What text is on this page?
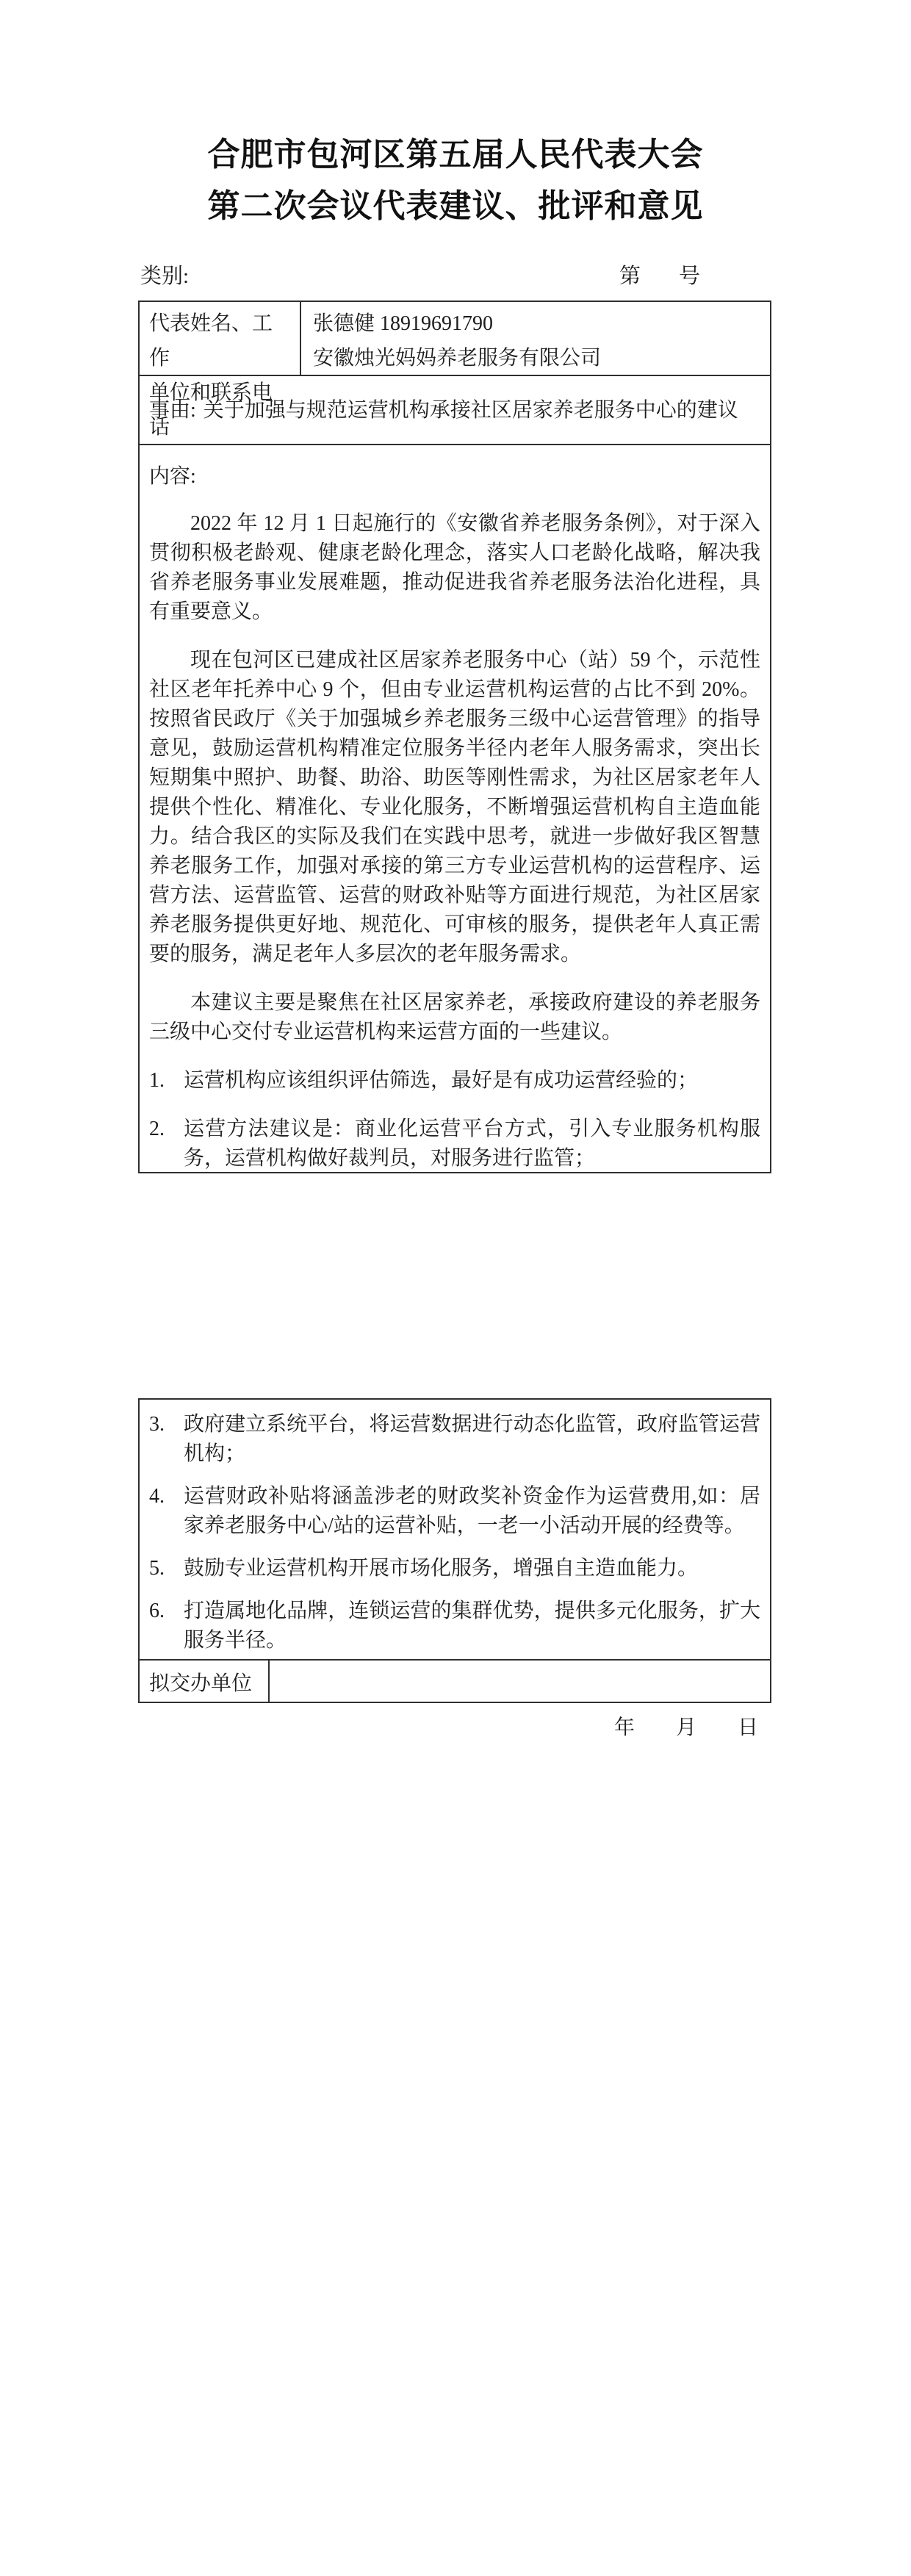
合肥市包河区第五届人民代表大会
第二次会议代表建议、批评和意见
类别:	第 号
代表姓名、工作
单位和联系电话
张德健 18919691790
安徽烛光妈妈养老服务有限公司
事由: 关于加强与规范运营机构承接社区居家养老服务中心的建议
内容:

2022 年 12 月 1 日起施行的《安徽省养老服务条例》，对于深入贯彻积极老龄观、健康老龄化理念，落实人口老龄化战略，解决我省养老服务事业发展难题，推动促进我省养老服务法治化进程，具有重要意义。

现在包河区已建成社区居家养老服务中心（站）59 个，示范性社区老年托养中心 9 个，但由专业运营机构运营的占比不到 20%。按照省民政厅《关于加强城乡养老服务三级中心运营管理》的指导意见，鼓励运营机构精准定位服务半径内老年人服务需求，突出长短期集中照护、助餐、助浴、助医等刚性需求，为社区居家老年人提供个性化、精准化、专业化服务，不断增强运营机构自主造血能力。结合我区的实际及我们在实践中思考，就进一步做好我区智慧养老服务工作，加强对承接的第三方专业运营机构的运营程序、运营方法、运营监管、运营的财政补贴等方面进行规范，为社区居家养老服务提供更好地、规范化、可审核的服务，提供老年人真正需要的服务，满足老年人多层次的老年服务需求。

本建议主要是聚焦在社区居家养老，承接政府建设的养老服务三级中心交付专业运营机构来运营方面的一些建议。

1. 运营机构应该组织评估筛选，最好是有成功运营经验的；
2. 运营方法建议是：商业化运营平台方式，引入专业服务机构服务，运营机构做好裁判员，对服务进行监管；
3. 政府建立系统平台，将运营数据进行动态化监管，政府监管运营机构；
4. 运营财政补贴将涵盖涉老的财政奖补资金作为运营费用,如：居家养老服务中心/站的运营补贴，一老一小活动开展的经费等。
5. 鼓励专业运营机构开展市场化服务，增强自主造血能力。
6. 打造属地化品牌，连锁运营的集群优势，提供多元化服务，扩大服务半径。
拟交办单位
年　　月　　日
